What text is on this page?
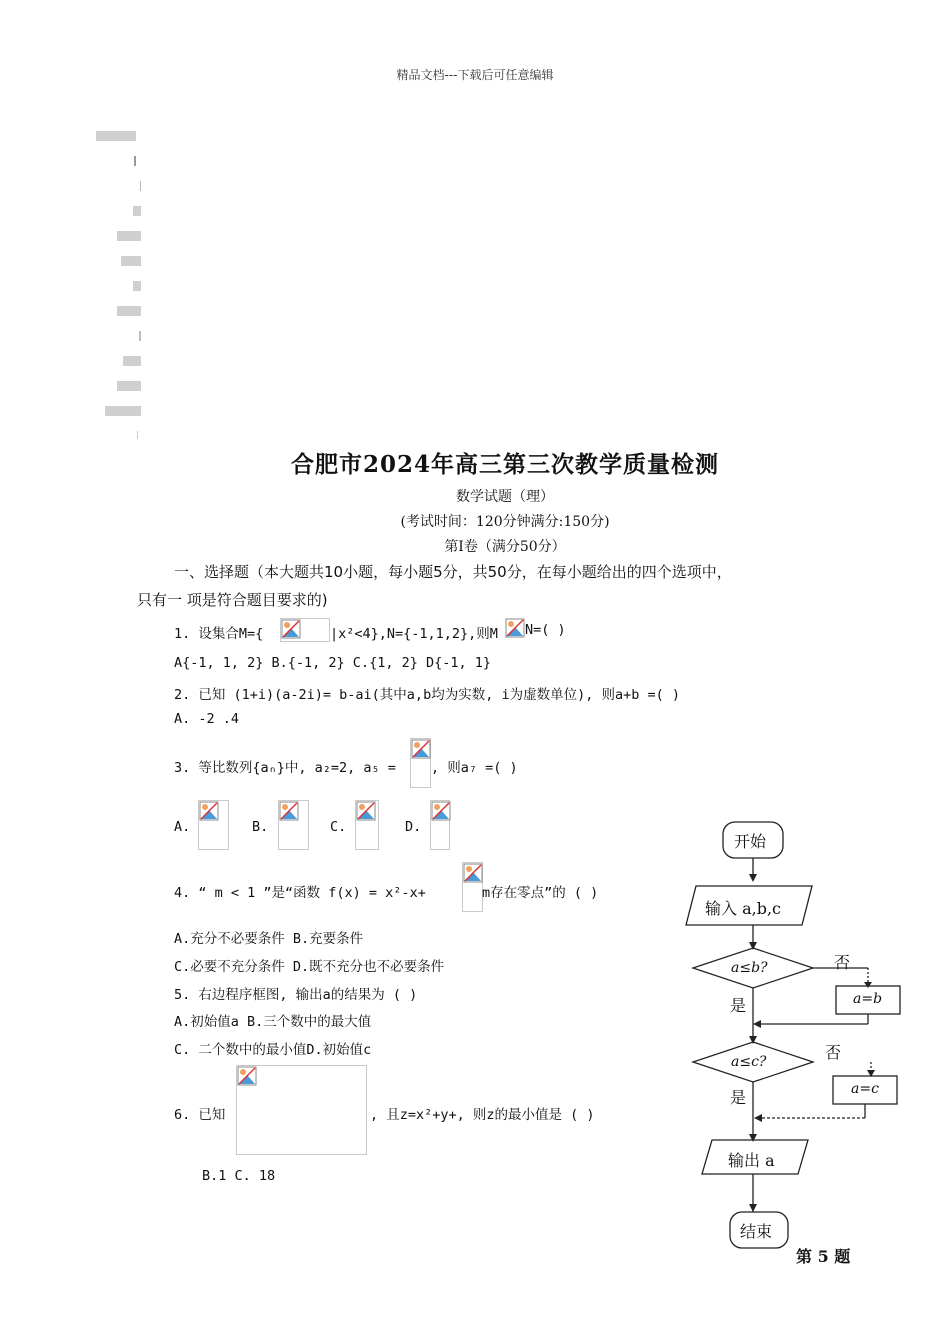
精品文档---下载后可任意编辑
合肥市2024年高三第三次教学质量检测
数学试题（理）
(考试时间：120分钟满分:150分)
第Ⅰ卷（满分50分）
一、选择题（本大题共10小题，每小题5分，共50分，在每小题给出的四个选项中，
只有一 项是符合题目要求的)
1. 设集合M={	|x²<4},N={-1,1,2},则M N=( )
A{-1, 1, 2} B.{-1, 2} C.{1, 2} D{-1, 1}
2. 已知 (1+i)(a-2i)= b-ai(其中a,b均为实数, i为虚数单位), 则a+b =( )
A. -2 .4
3. 等比数列{aₙ}中, a₂=2, a₅ =	, 则a₇ =( )
A.	B.	C.	D.
4. “ m < 1 ”是“函数 f(x) = x²-x+	m存在零点”的 ( )
A.充分不必要条件 B.充要条件
C.必要不充分条件 D.既不充分也不必要条件
5. 右边程序框图, 输出a的结果为 ( )
A.初始值a B.三个数中的最大值
C. 二个数中的最小值D.初始值c
6. 已知	, 且z=x²+y+, 则z的最小值是 ( )
B.1 C. 18
开始
输入 a,b,c
a≤b?	否
是	a=b
a≤c?	否
是	a=c
输出 a
结束
第 5 题
